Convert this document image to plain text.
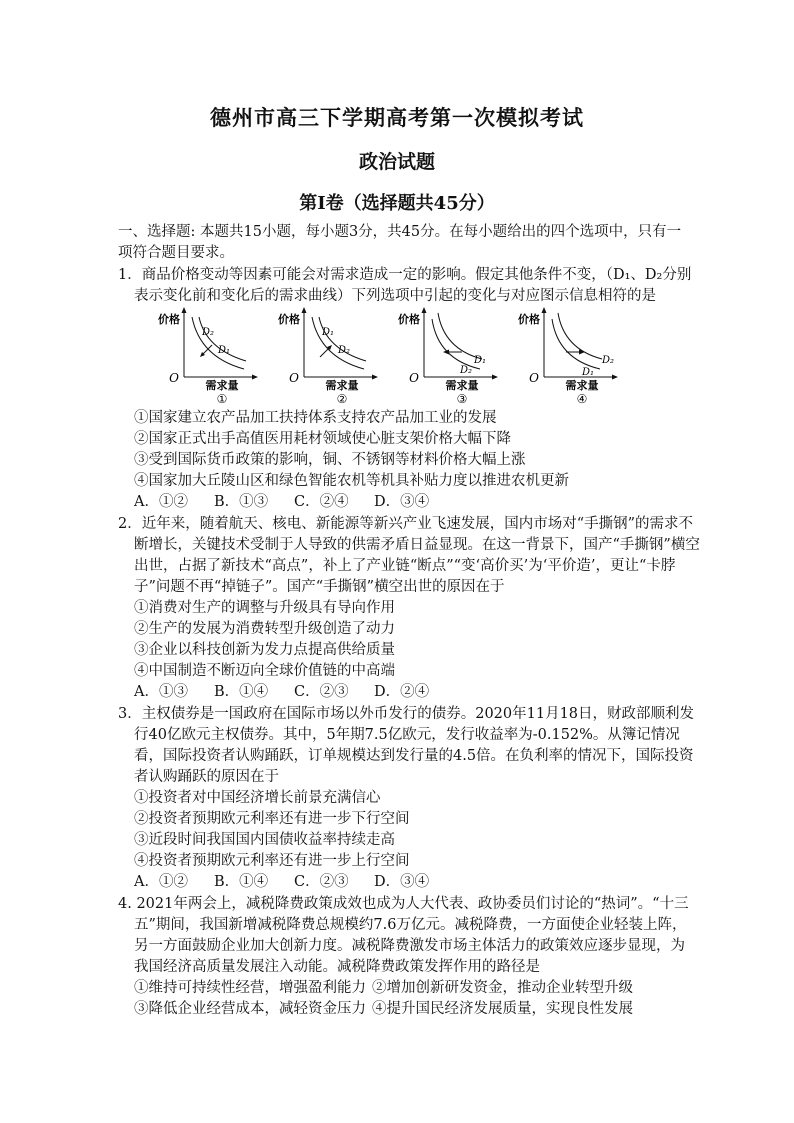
德州市高三下学期高考第一次模拟考试
政治试题
第Ⅰ卷（选择题共45分）
一、选择题: 本题共15小题，每小题3分，共45分。在每小题给出的四个选项中，只有一
项符合题目要求。
1．商品价格变动等因素可能会对需求造成一定的影响。假定其他条件不变，（D₁、D₂分别
表示变化前和变化后的需求曲线）下列选项中引起的变化与对应图示信息相符的是
价格
O
需求量
①
D₂
D₁
价格
O
需求量
②
D₁
D₂
价格
O
需求量
③
D₁
D₂
价格
O
需求量
④
D₂
D₁
①国家建立农产品加工扶持体系支持农产品加工业的发展
②国家正式出手高值医用耗材领域使心脏支架价格大幅下降
③受到国际货币政策的影响，铜、不锈钢等材料价格大幅上涨
④国家加大丘陵山区和绿色智能农机等机具补贴力度以推进农机更新
A．①② B．①③ C．②④ D．③④
2．近年来，随着航天、核电、新能源等新兴产业飞速发展，国内市场对“手撕钢”的需求不
断增长，关键技术受制于人导致的供需矛盾日益显现。在这一背景下，国产“手撕钢”横空
出世，占据了新技术“高点”，补上了产业链“断点”“变‘高价买’为‘平价造’，更让“卡脖
子”问题不再“掉链子”。国产“手撕钢”横空出世的原因在于
①消费对生产的调整与升级具有导向作用
②生产的发展为消费转型升级创造了动力
③企业以科技创新为发力点提高供给质量
④中国制造不断迈向全球价值链的中高端
A．①③ B．①④ C．②③ D．②④
3．主权债券是一国政府在国际市场以外币发行的债券。2020年11月18日，财政部顺利发
行40亿欧元主权债券。其中，5年期7.5亿欧元，发行收益率为-0.152%。从簿记情况
看，国际投资者认购踊跃，订单规模达到发行量的4.5倍。在负利率的情况下，国际投资
者认购踊跃的原因在于
①投资者对中国经济增长前景充满信心
②投资者预期欧元利率还有进一步下行空间
③近段时间我国国内国债收益率持续走高
④投资者预期欧元利率还有进一步上行空间
A．①② B．①④ C．②③ D．③④
4. 2021年两会上，减税降费政策成效也成为人大代表、政协委员们讨论的“热词”。“十三
五”期间，我国新增减税降费总规模约7.6万亿元。减税降费，一方面使企业轻装上阵，
另一方面鼓励企业加大创新力度。减税降费激发市场主体活力的政策效应逐步显现，为
我国经济高质量发展注入动能。减税降费政策发挥作用的路径是
①维持可持续性经营，增强盈利能力 ②增加创新研发资金，推动企业转型升级
③降低企业经营成本，减轻资金压力 ④提升国民经济发展质量，实现良性发展
